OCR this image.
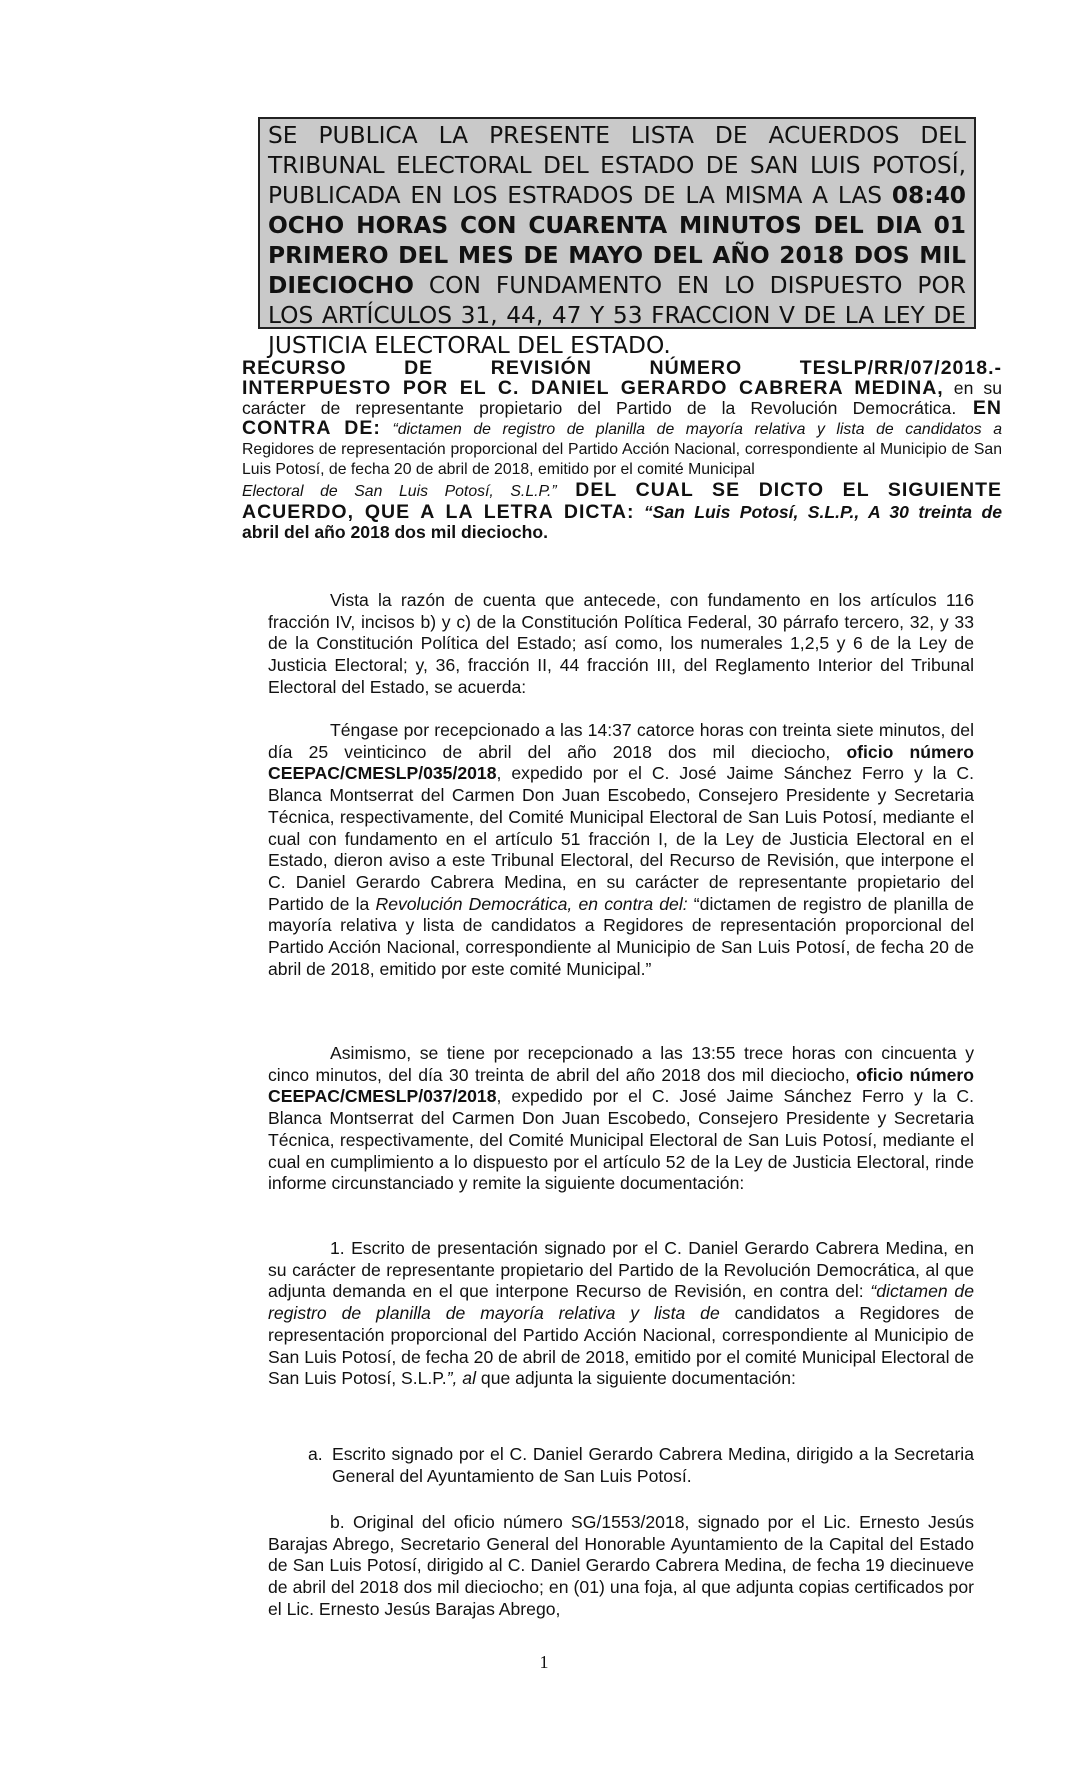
SE PUBLICA LA PRESENTE LISTA DE ACUERDOS DEL TRIBUNAL ELECTORAL DEL ESTADO DE SAN LUIS POTOSÍ, PUBLICADA EN LOS ESTRADOS DE LA MISMA A LAS 08:40 OCHO HORAS CON CUARENTA MINUTOS DEL DIA 01 PRIMERO DEL MES DE MAYO DEL AÑO 2018 DOS MIL DIECIOCHO CON FUNDAMENTO EN LO DISPUESTO POR LOS ARTÍCULOS 31, 44, 47 Y 53 FRACCION V DE LA LEY DE JUSTICIA ELECTORAL DEL ESTADO.
RECURSO DE REVISIÓN NÚMERO TESLP/RR/07/2018.-
INTERPUESTO POR EL C. DANIEL GERARDO CABRERA MEDINA, en su
carácter de representante propietario del Partido de la Revolución Democrática. EN
CONTRA DE: “dictamen de registro de planilla de mayoría relativa y lista de candidatos a
Regidores de representación proporcional del Partido Acción Nacional, correspondiente al Municipio de San Luis Potosí, de fecha 20 de abril de 2018, emitido por el comité Municipal
Electoral de San Luis Potosí, S.L.P.” DEL CUAL SE DICTO EL SIGUIENTE
ACUERDO, QUE A LA LETRA DICTA: “San Luis Potosí, S.L.P., A 30 treinta de
abril del año 2018 dos mil dieciocho.

Vista la razón de cuenta que antecede, con fundamento en los artículos 116 fracción IV, incisos b) y c) de la Constitución Política Federal, 30 párrafo tercero, 32, y 33 de la Constitución Política del Estado; así como, los numerales 1,2,5 y 6 de la Ley de Justicia Electoral; y, 36, fracción II, 44 fracción III, del Reglamento Interior del Tribunal Electoral del Estado, se acuerda:

Téngase por recepcionado a las 14:37 catorce horas con treinta siete minutos, del día 25 veinticinco de abril del año 2018 dos mil dieciocho, oficio número CEEPAC/CMESLP/035/2018, expedido por el C. José Jaime Sánchez Ferro y la C. Blanca Montserrat del Carmen Don Juan Escobedo, Consejero Presidente y Secretaria Técnica, respectivamente, del Comité Municipal Electoral de San Luis Potosí, mediante el cual con fundamento en el artículo 51 fracción I, de la Ley de Justicia Electoral en el Estado, dieron aviso a este Tribunal Electoral, del Recurso de Revisión, que interpone el C. Daniel Gerardo Cabrera Medina, en su carácter de representante propietario del Partido de la Revolución Democrática, en contra del: “dictamen de registro de planilla de mayoría relativa y lista de candidatos a Regidores de representación proporcional del Partido Acción Nacional, correspondiente al Municipio de San Luis Potosí, de fecha 20 de abril de 2018, emitido por este comité Municipal.”

Asimismo, se tiene por recepcionado a las 13:55 trece horas con cincuenta y cinco minutos, del día 30 treinta de abril del año 2018 dos mil dieciocho, oficio número CEEPAC/CMESLP/037/2018, expedido por el C. José Jaime Sánchez Ferro y la C. Blanca Montserrat del Carmen Don Juan Escobedo, Consejero Presidente y Secretaria Técnica, respectivamente, del Comité Municipal Electoral de San Luis Potosí, mediante el cual en cumplimiento a lo dispuesto por el artículo 52 de la Ley de Justicia Electoral, rinde informe circunstanciado y remite la siguiente documentación:

1. Escrito de presentación signado por el C. Daniel Gerardo Cabrera Medina, en su carácter de representante propietario del Partido de la Revolución Democrática, al que adjunta demanda en el que interpone Recurso de Revisión, en contra del: “dictamen de registro de planilla de mayoría relativa y lista de candidatos a Regidores de representación proporcional del Partido Acción Nacional, correspondiente al Municipio de San Luis Potosí, de fecha 20 de abril de 2018, emitido por el comité Municipal Electoral de San Luis Potosí, S.L.P.”, al que adjunta la siguiente documentación:

a. Escrito signado por el C. Daniel Gerardo Cabrera Medina, dirigido a la Secretaria General del Ayuntamiento de San Luis Potosí.

b. Original del oficio número SG/1553/2018, signado por el Lic. Ernesto Jesús Barajas Abrego, Secretario General del Honorable Ayuntamiento de la Capital del Estado de San Luis Potosí, dirigido al C. Daniel Gerardo Cabrera Medina, de fecha 19 diecinueve de abril del 2018 dos mil dieciocho; en (01) una foja, al que adjunta copias certificados por el Lic. Ernesto Jesús Barajas Abrego,

1
